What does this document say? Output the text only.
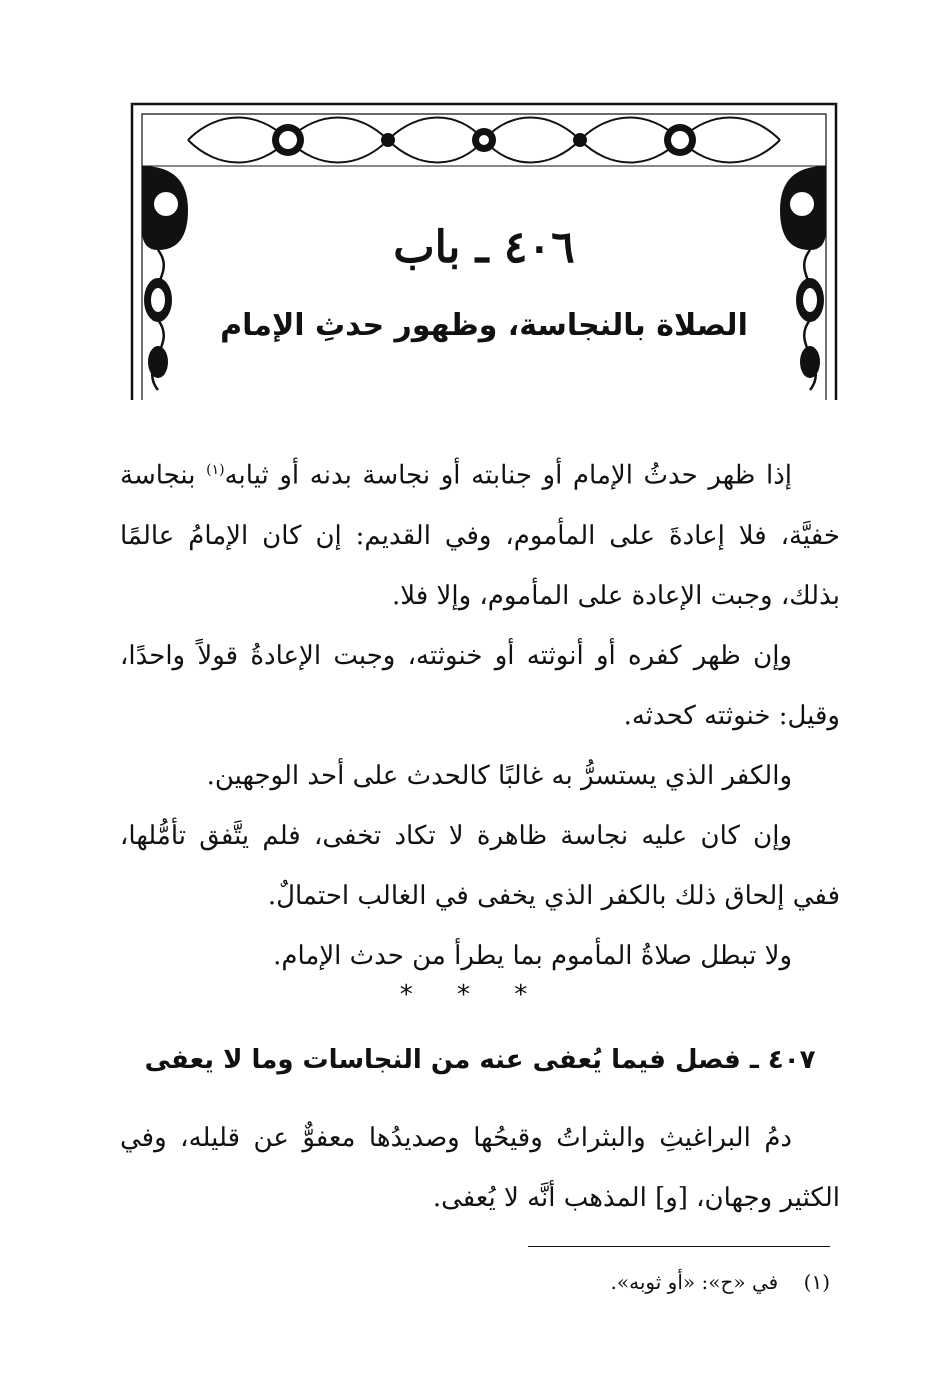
٤٠٦ ـ باب
الصلاة بالنجاسة، وظهور حدثِ الإمام

إذا ظهر حدثُ الإمام أو جنابته أو نجاسة بدنه أو ثيابه$^{(١)}$ بنجاسة خفيَّة، فلا إعادةَ على المأموم، وفي القديم: إن كان الإمامُ عالمًا بذلك، وجبت الإعادة على المأموم، وإلا فلا.

وإن ظهر كفره أو أنوثته أو خنوثته، وجبت الإعادةُ قولاً واحدًا، وقيل: خنوثته كحدثه.

والكفر الذي يستسرُّ به غالبًا كالحدث على أحد الوجهين.

وإن كان عليه نجاسة ظاهرة لا تكاد تخفى، فلم يتَّفق تأمُّلها، ففي إلحاق ذلك بالكفر الذي يخفى في الغالب احتمالٌ.

ولا تبطل صلاةُ المأموم بما يطرأ من حدث الإمام.

* * *
٤٠٧ ـ فصل فيما يُعفى عنه من النجاسات وما لا يعفى

دمُ البراغيثِ والبثراتُ وقيحُها وصديدُها معفوٌّ عن قليله، وفي الكثير وجهان، [و] المذهب أنَّه لا يُعفى.

(١)    في «ح»: «أو ثوبه».
